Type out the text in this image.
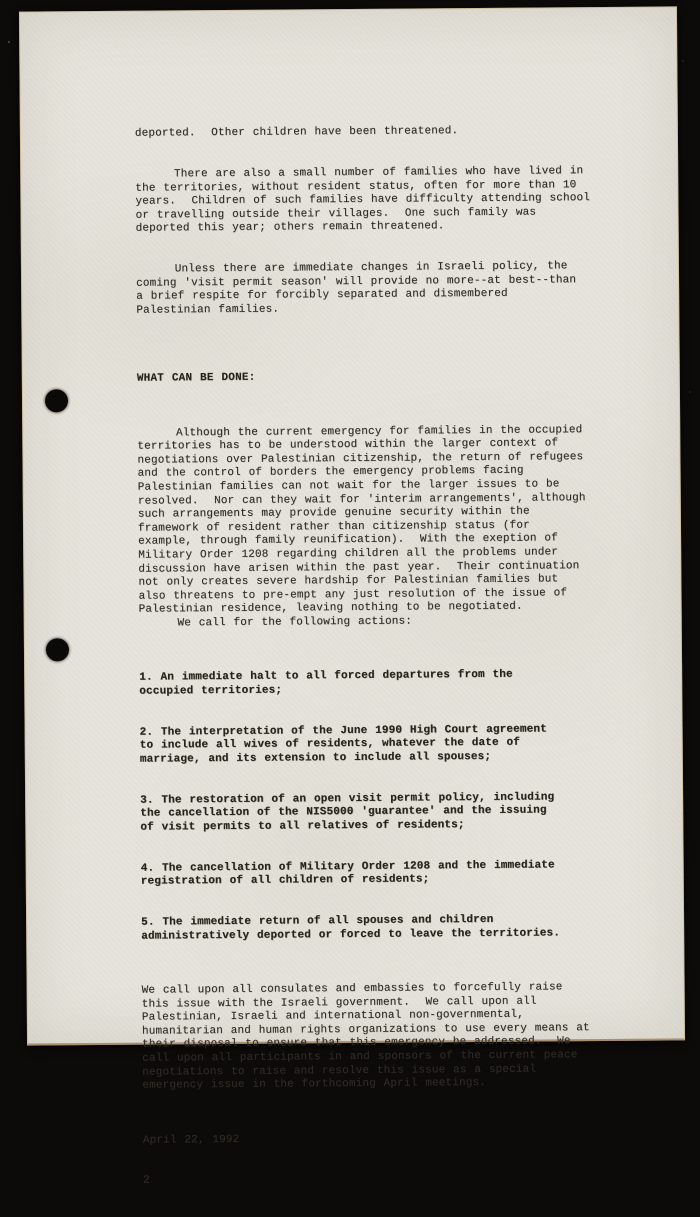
deported.  Other children have been threatened.

There are also a small number of families who have lived in
the territories, without resident status, often for more than 10
years.  Children of such families have difficulty attending school
or travelling outside their villages.  One such family was
deported this year; others remain threatened.

Unless there are immediate changes in Israeli policy, the
coming 'visit permit season' will provide no more--at best--than
a brief respite for forcibly separated and dismembered
Palestinian families.

WHAT CAN BE DONE:

Although the current emergency for families in the occupied
territories has to be understood within the larger context of
negotiations over Palestinian citizenship, the return of refugees
and the control of borders the emergency problems facing
Palestinian families can not wait for the larger issues to be
resolved.  Nor can they wait for 'interim arrangements', although
such arrangements may provide genuine security within the
framework of resident rather than citizenship status (for
example, through family reunification).  With the exeption of
Military Order 1208 regarding children all the problems under
discussion have arisen within the past year.  Their continuation
not only creates severe hardship for Palestinian families but
also threatens to pre-empt any just resolution of the issue of
Palestinian residence, leaving nothing to be negotiated.
We call for the following actions:

1. An immediate halt to all forced departures from the
occupied territories;

2. The interpretation of the June 1990 High Court agreement
to include all wives of residents, whatever the date of
marriage, and its extension to include all spouses;

3. The restoration of an open visit permit policy, including
the cancellation of the NIS5000 'guarantee' and the issuing
of visit permits to all relatives of residents;

4. The cancellation of Military Order 1208 and the immediate
registration of all children of residents;

5. The immediate return of all spouses and children
administratively deported or forced to leave the territories.

We call upon all consulates and embassies to forcefully raise
this issue with the Israeli government.  We call upon all
Palestinian, Israeli and international non-governmental,
humanitarian and human rights organizations to use every means at
their disposal to ensure that this emergency be addressed.  We
call upon all participants in and sponsors of the current peace
negotiations to raise and resolve this issue as a special
emergency issue in the forthcoming April meetings.

April 22, 1992

2
